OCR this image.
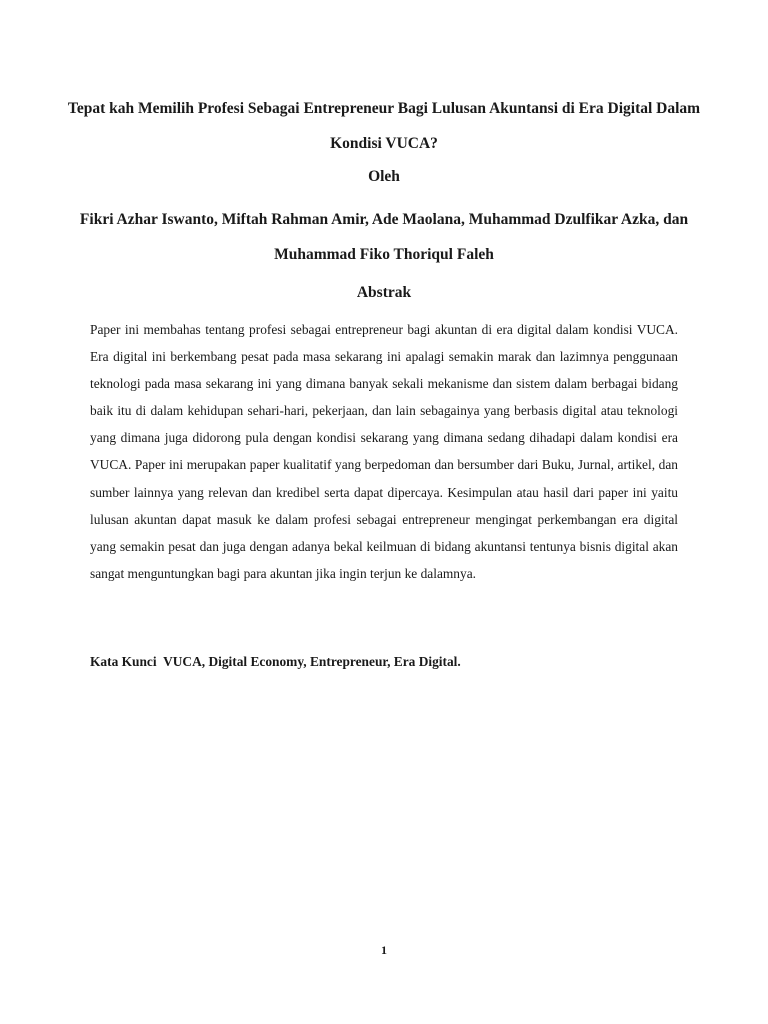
Tepat kah Memilih Profesi Sebagai Entrepreneur Bagi Lulusan Akuntansi di Era Digital Dalam Kondisi VUCA?

Oleh

Fikri Azhar Iswanto, Miftah Rahman Amir, Ade Maolana, Muhammad Dzulfikar Azka, dan Muhammad Fiko Thoriqul Faleh

Abstrak

Paper ini membahas tentang profesi sebagai entrepreneur bagi akuntan di era digital dalam kondisi VUCA. Era digital ini berkembang pesat pada masa sekarang ini apalagi semakin marak dan lazimnya penggunaan teknologi pada masa sekarang ini yang dimana banyak sekali mekanisme dan sistem dalam berbagai bidang baik itu di dalam kehidupan sehari-hari, pekerjaan, dan lain sebagainya yang berbasis digital atau teknologi yang dimana juga didorong pula dengan kondisi sekarang yang dimana sedang dihadapi dalam kondisi era VUCA. Paper ini merupakan paper kualitatif yang berpedoman dan bersumber dari Buku, Jurnal, artikel, dan sumber lainnya yang relevan dan kredibel serta dapat dipercaya. Kesimpulan atau hasil dari paper ini yaitu lulusan akuntan dapat masuk ke dalam profesi sebagai entrepreneur mengingat perkembangan era digital yang semakin pesat dan juga dengan adanya bekal keilmuan di bidang akuntansi tentunya bisnis digital akan sangat menguntungkan bagi para akuntan jika ingin terjun ke dalamnya.

Kata Kunci VUCA, Digital Economy, Entrepreneur, Era Digital.

1
